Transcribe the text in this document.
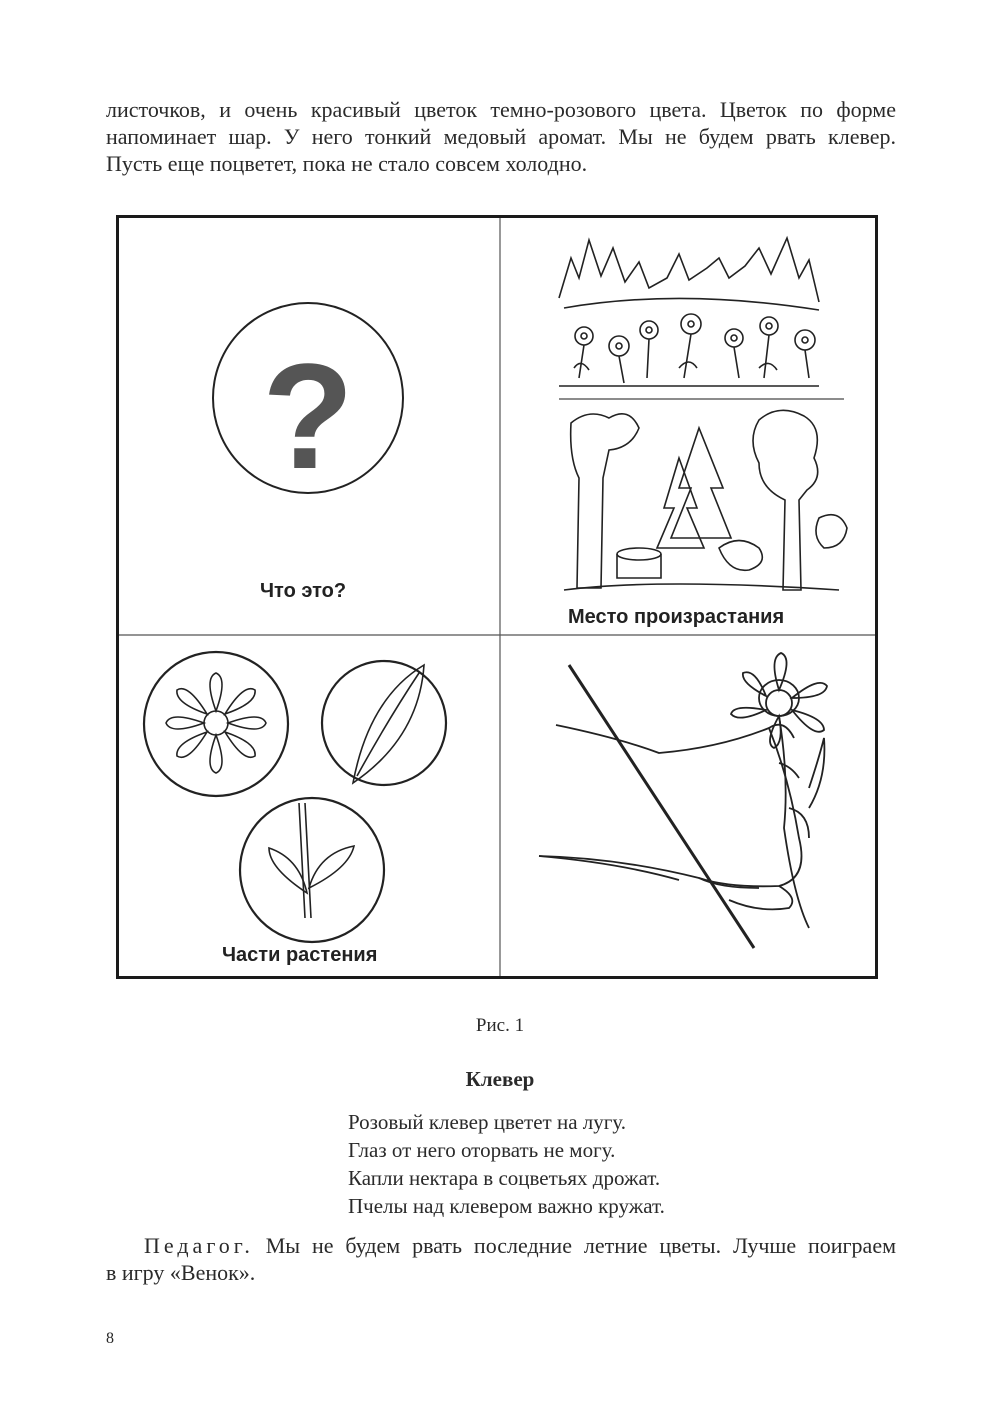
листочков, и очень красивый цветок темно-розового цвета. Цветок по форме
напоминает шар. У него тонкий медовый аромат. Мы не будем рвать клевер.
Пусть еще поцветет, пока не стало совсем холодно.

?
Что это?
Место произрастания
Части растения
Рис. 1
Клевер
Розовый клевер цветет на лугу.
Глаз от него оторвать не могу.
Капли нектара в соцветьях дрожат.
Пчелы над клевером важно кружат.

Педагог. Мы не будем рвать последние летние цветы. Лучше поиграем
в игру «Венок».

8
